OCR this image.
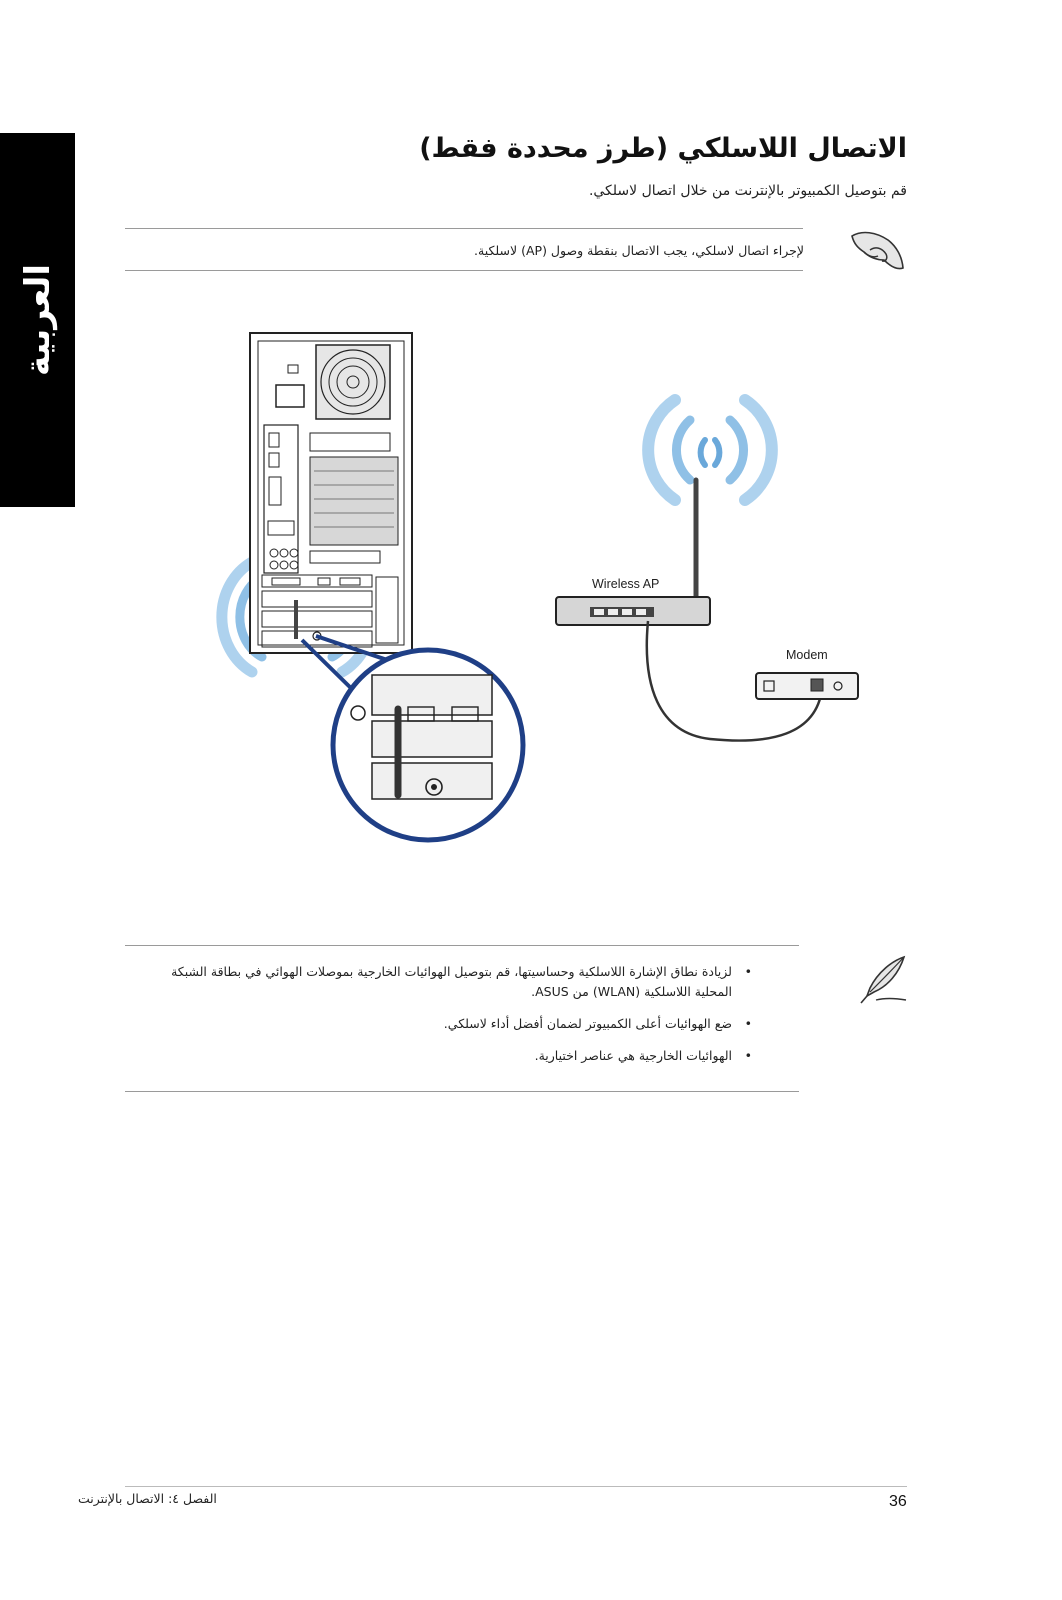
العربية
الاتصال اللاسلكي (طرز محددة فقط)
قم بتوصيل الكمبيوتر بالإنترنت من خلال اتصال لاسلكي.
لإجراء اتصال لاسلكي، يجب الاتصال بنقطة وصول (AP) لاسلكية.
Wireless AP
Modem
•
لزيادة نطاق الإشارة اللاسلكية وحساسيتها، قم بتوصيل الهوائيات الخارجية بموصلات الهوائي في بطاقة الشبكة المحلية اللاسلكية (WLAN) من ASUS.
•
ضع الهوائيات أعلى الكمبيوتر لضمان أفضل أداء لاسلكي.
•
الهوائيات الخارجية هي عناصر اختيارية.
36
الفصل ٤: الاتصال بالإنترنت
